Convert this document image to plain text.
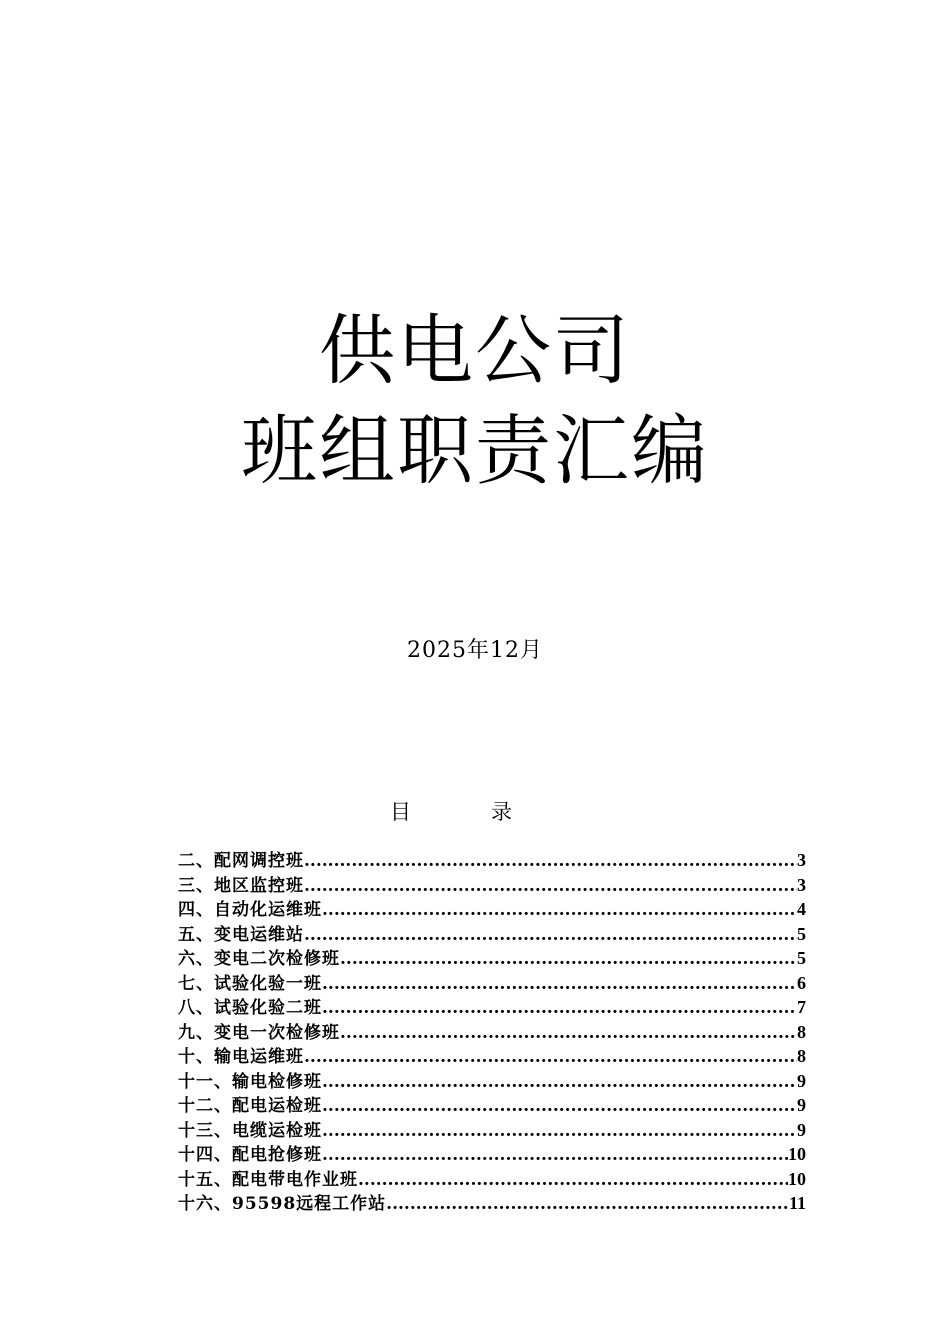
供电公司
班组职责汇编
2025年12月
目录
二、配网调控班 .....	3
三、地区监控班 .....	3
四、自动化运维班 .....	4
五、变电运维站 .....	5
六、变电二次检修班 .....	5
七、试验化验一班 .....	6
八、试验化验二班 .....	7
九、变电一次检修班 .....	8
十、输电运维班 .....	8
十一、输电检修班 .....	9
十二、配电运检班 .....	9
十三、电缆运检班 .....	9
十四、配电抢修班 .....	10
十五、配电带电作业班 .....	10
十六、95598远程工作站 .....	11
